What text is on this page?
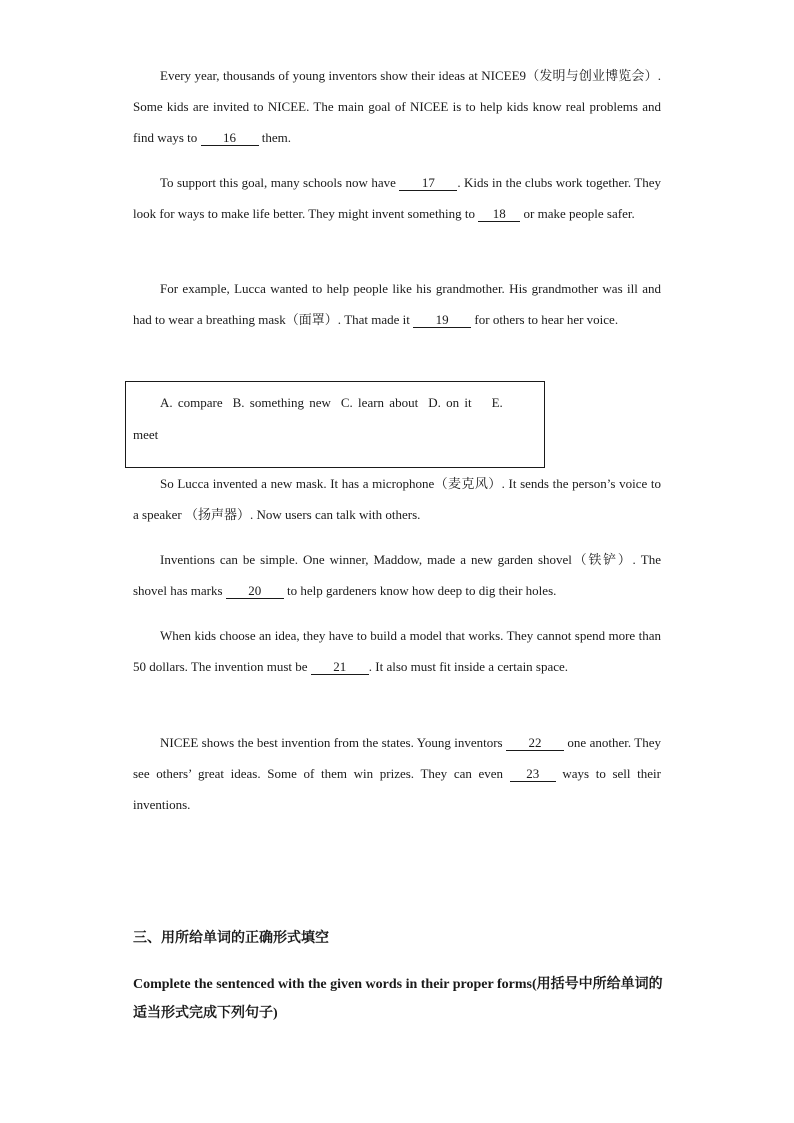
Every year, thousands of young inventors show their ideas at NICEE9（发明与创业博览会）. Some kids are invited to NICEE. The main goal of NICEE is to help kids know real problems and find ways to 16 them.

To support this goal, many schools now have 17 . Kids in the clubs work together. They look for ways to make life better. They might invent something to 18 or make people safer.

For example, Lucca wanted to help people like his grandmother. His grandmother was ill and had to wear a breathing mask（面罩）. That made it 19 for others to hear her voice.

A. compare B. something new C. learn about D. on it E. meet

So Lucca invented a new mask. It has a microphone（麦克风）. It sends the person’s voice to a speaker （扬声器）. Now users can talk with others.

Inventions can be simple. One winner, Maddow, made a new garden shovel（铁铲）. The shovel has marks 20 to help gardeners know how deep to dig their holes.

When kids choose an idea, they have to build a model that works. They cannot spend more than 50 dollars. The invention must be 21 . It also must fit inside a certain space.

NICEE shows the best invention from the states. Young inventors 22 one another. They see others’ great ideas. Some of them win prizes. They can even 23 ways to sell their inventions.

三、用所给单词的正确形式填空

Complete the sentenced with the given words in their proper forms(用括号中所给单词的适当形式完成下列句子)
